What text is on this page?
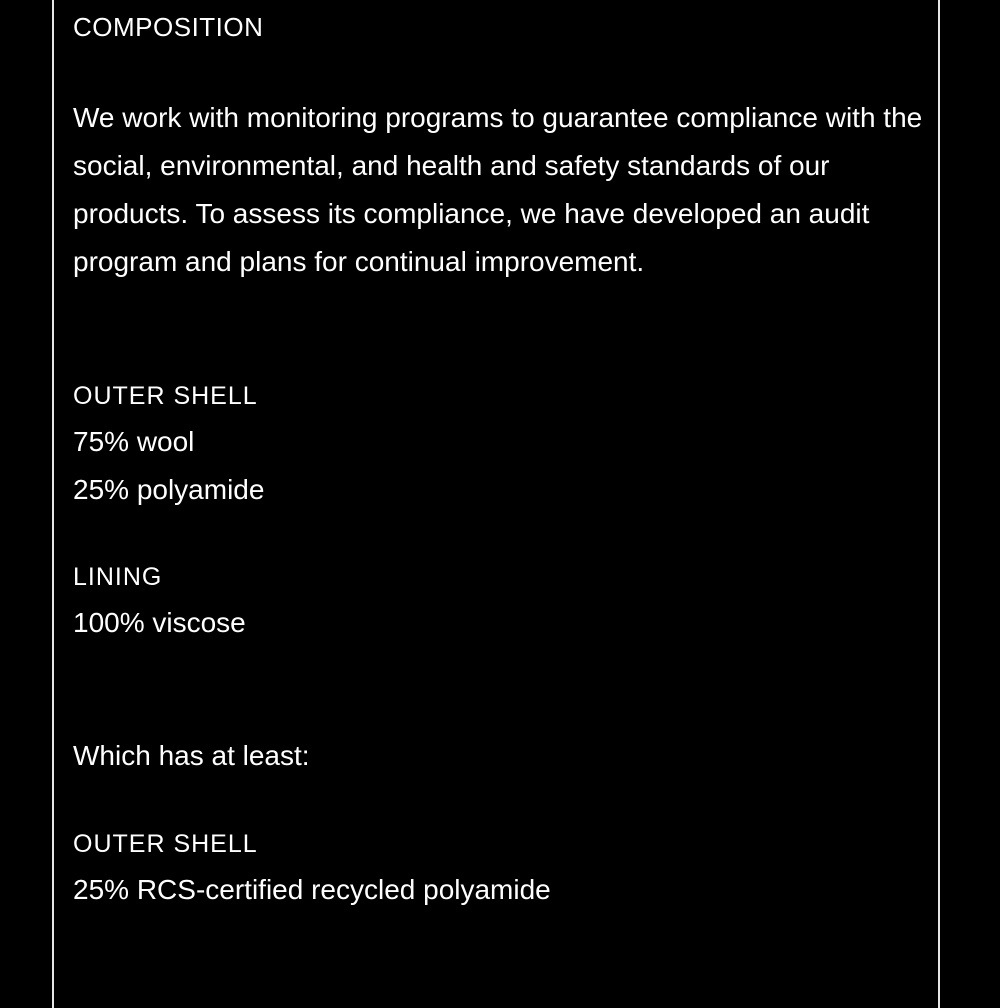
COMPOSITION
We work with monitoring programs to guarantee compliance with the social, environmental, and health and safety standards of our products. To assess its compliance, we have developed an audit program and plans for continual improvement.
OUTER SHELL
75% wool
25% polyamide
LINING
100% viscose
Which has at least:
OUTER SHELL
25% RCS-certified recycled polyamide
